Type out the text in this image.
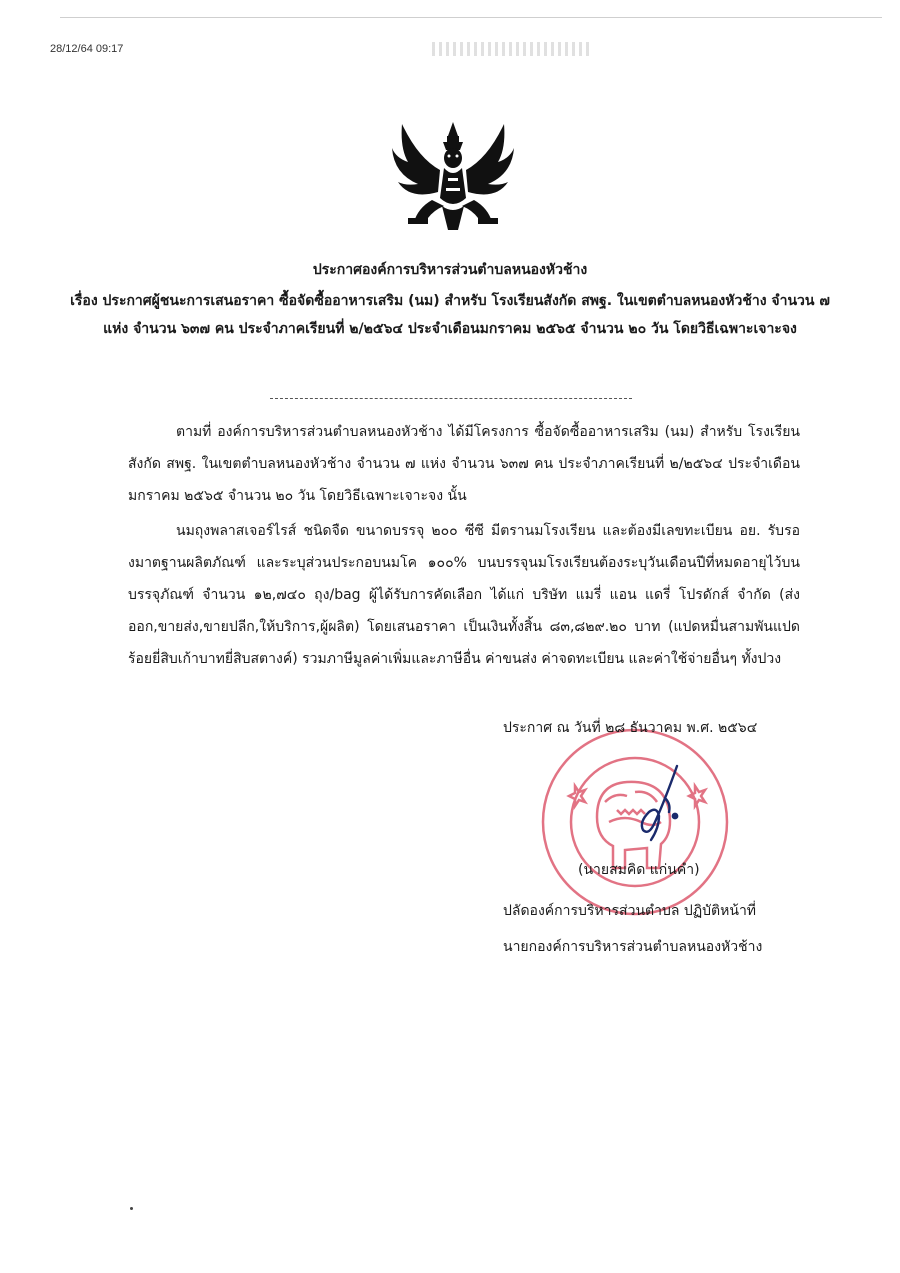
28/12/64 09:17
ประกาศองค์การบริหารส่วนตำบลหนองหัวช้าง
เรื่อง ประกาศผู้ชนะการเสนอราคา ซื้อจัดซื้ออาหารเสริม (นม) สำหรับ โรงเรียนสังกัด สพฐ. ในเขตตำบลหนองหัวช้าง จำนวน ๗ แห่ง จำนวน ๖๓๗ คน ประจำภาคเรียนที่ ๒/๒๕๖๔ ประจำเดือนมกราคม ๒๕๖๕ จำนวน ๒๐ วัน โดยวิธีเฉพาะเจาะจง
ตามที่ องค์การบริหารส่วนตำบลหนองหัวช้าง ได้มีโครงการ ซื้อจัดซื้ออาหารเสริม (นม) สำหรับ โรงเรียนสังกัด สพฐ. ในเขตตำบลหนองหัวช้าง จำนวน ๗ แห่ง จำนวน ๖๓๗ คน ประจำภาคเรียนที่ ๒/๒๕๖๔ ประจำเดือนมกราคม ๒๕๖๕ จำนวน ๒๐ วัน โดยวิธีเฉพาะเจาะจง นั้น
นมถุงพลาสเจอร์ไรส์ ชนิดจืด ขนาดบรรจุ ๒๐๐ ซีซี มีตรานมโรงเรียน และต้องมีเลขทะเบียน อย. รับรองมาตฐานผลิตภัณฑ์ และระบุส่วนประกอบนมโค ๑๐๐% บนบรรจุนมโรงเรียนต้องระบุวันเดือนปีที่หมดอายุไว้บนบรรจุภัณฑ์ จำนวน ๑๒,๗๔๐ ถุง/bag ผู้ได้รับการคัดเลือก ได้แก่ บริษัท แมรี่ แอน แดรี่ โปรดักส์ จำกัด (ส่งออก,ขายส่ง,ขายปลีก,ให้บริการ,ผู้ผลิต) โดยเสนอราคา เป็นเงินทั้งสิ้น ๘๓,๘๒๙.๒๐ บาท (แปดหมื่นสามพันแปดร้อยยี่สิบเก้าบาทยี่สิบสตางค์) รวมภาษีมูลค่าเพิ่มและภาษีอื่น ค่าขนส่ง ค่าจดทะเบียน และค่าใช้จ่ายอื่นๆ ทั้งปวง
ประกาศ ณ วันที่ ๒๘ ธันวาคม พ.ศ. ๒๕๖๔
(นายสมคิด แก่นคำ)
ปลัดองค์การบริหารส่วนตำบล ปฏิบัติหน้าที่
นายกองค์การบริหารส่วนตำบลหนองหัวช้าง
